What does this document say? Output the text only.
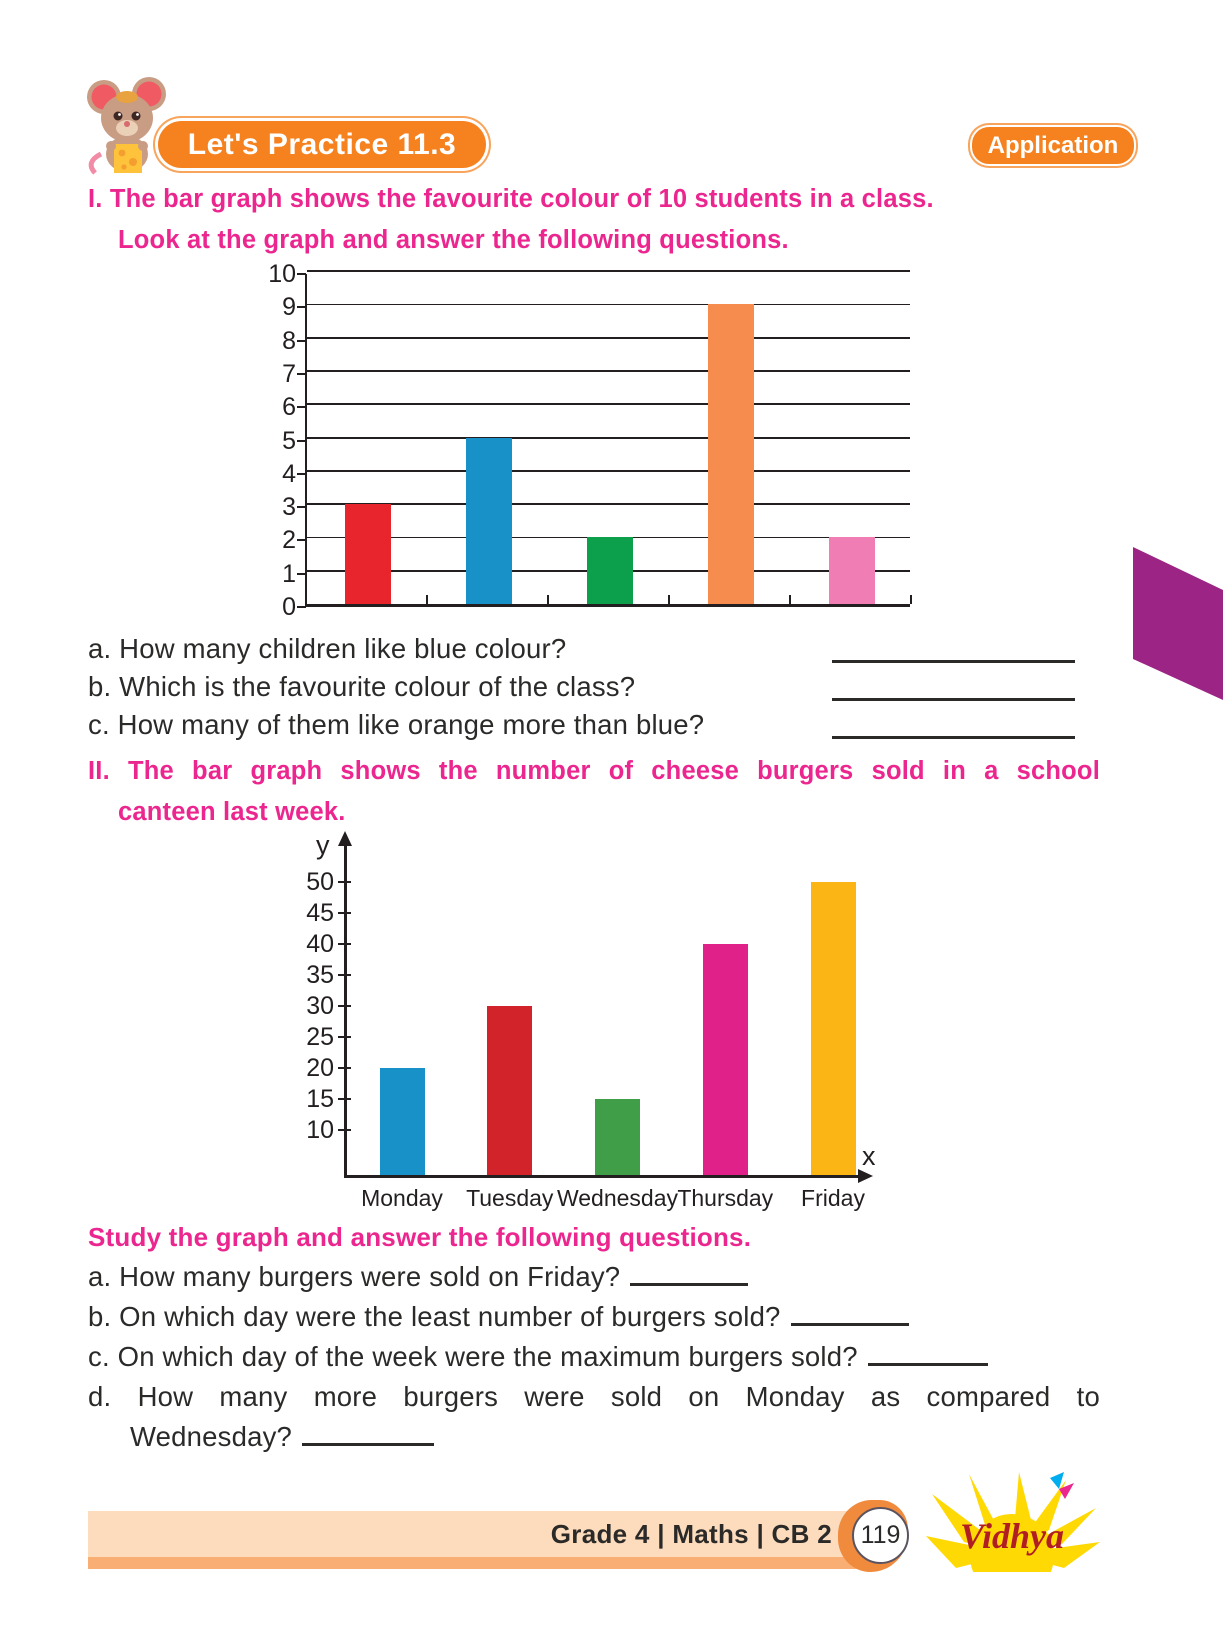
Let's Practice 11.3	Application
I. The bar graph shows the favourite colour of 10 students in a class.
Look at the graph and answer the following questions.
0
1
2
3
4
5
6
7
8
9
10
a. How many children like blue colour?
b. Which is the favourite colour of the class?
c. How many of them like orange more than blue?
II. The bar graph shows the number of cheese burgers sold in a school
canteen last week.
y
x
10
15
20
25
30
35
40
45
50
Monday Tuesday Wednesday Thursday Friday
Study the graph and answer the following questions.
a. How many burgers were sold on Friday?
b. On which day were the least number of burgers sold?
c. On which day of the week were the maximum burgers sold?
d. How many more burgers were sold on Monday as compared to
Wednesday?
Grade 4 | Maths | CB 2 119 Vidhya
